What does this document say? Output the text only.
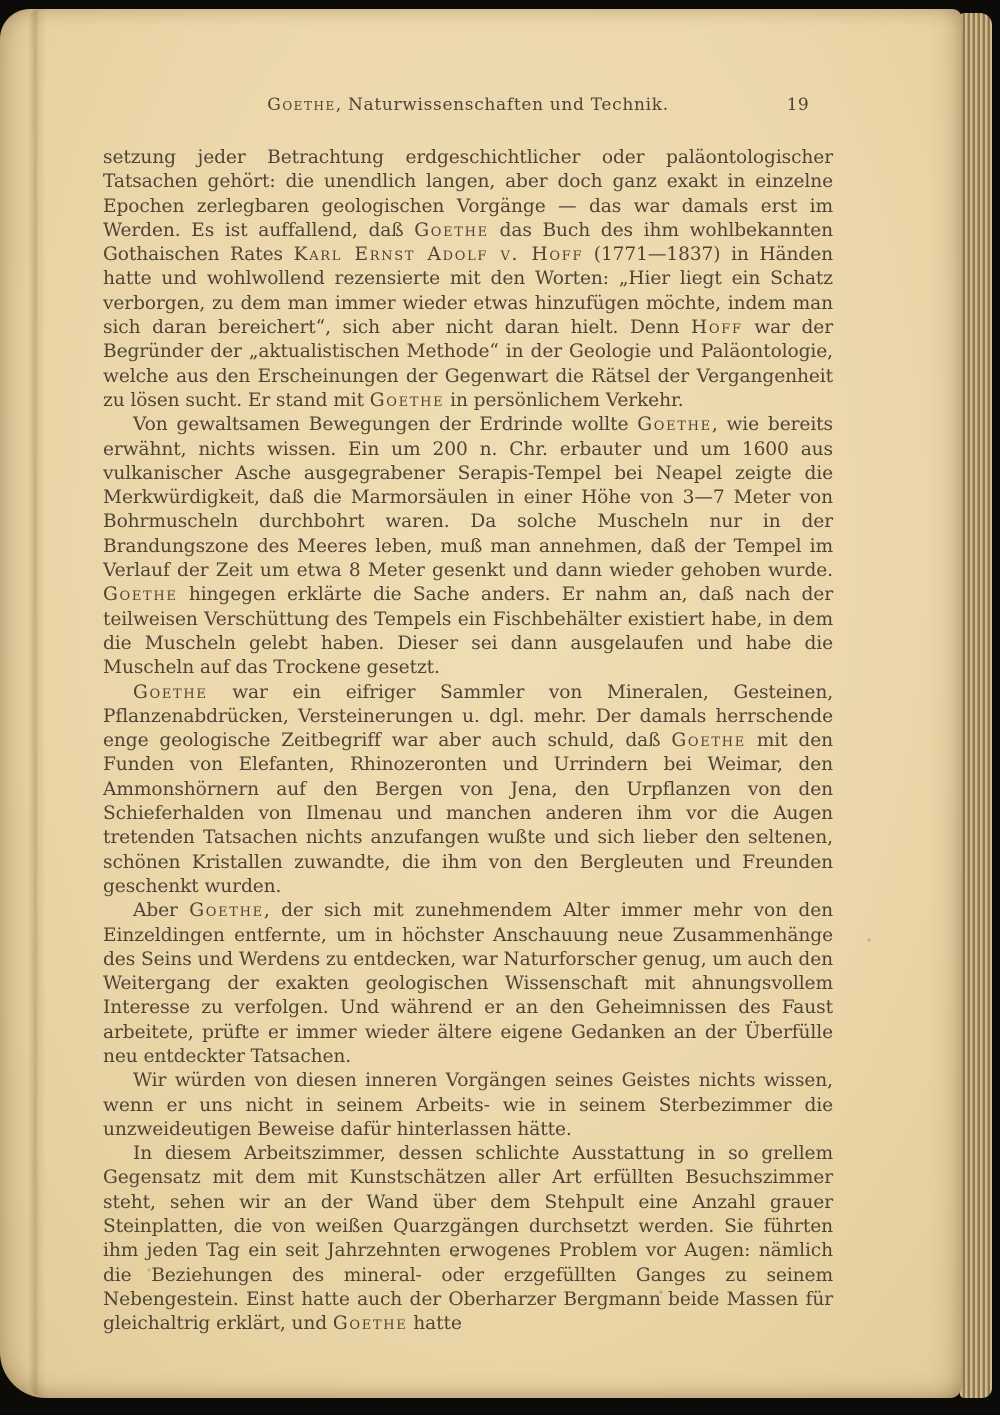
Goethe, Naturwissenschaften und Technik.	19

setzung jeder Betrachtung erdgeschichtlicher oder paläontologischer Tatsachen gehört: die unendlich langen, aber doch ganz exakt in einzelne Epochen zerlegbaren geologischen Vorgänge — das war damals erst im Werden. Es ist auffallend, daß Goethe das Buch des ihm wohlbekannten Gothaischen Rates Karl Ernst Adolf v. Hoff (1771—1837) in Händen hatte und wohlwollend rezensierte mit den Worten: „Hier liegt ein Schatz verborgen, zu dem man immer wieder etwas hinzufügen möchte, indem man sich daran bereichert“, sich aber nicht daran hielt. Denn Hoff war der Begründer der „aktualistischen Methode“ in der Geologie und Paläontologie, welche aus den Erscheinungen der Gegenwart die Rätsel der Vergangenheit zu lösen sucht. Er stand mit Goethe in persönlichem Verkehr.

Von gewaltsamen Bewegungen der Erdrinde wollte Goethe, wie bereits erwähnt, nichts wissen. Ein um 200 n. Chr. erbauter und um 1600 aus vulkanischer Asche ausgegrabener Serapis-Tempel bei Neapel zeigte die Merkwürdigkeit, daß die Marmorsäulen in einer Höhe von 3—7 Meter von Bohrmuscheln durchbohrt waren. Da solche Muscheln nur in der Brandungszone des Meeres leben, muß man annehmen, daß der Tempel im Verlauf der Zeit um etwa 8 Meter gesenkt und dann wieder gehoben wurde. Goethe hingegen erklärte die Sache anders. Er nahm an, daß nach der teilweisen Verschüttung des Tempels ein Fischbehälter existiert habe, in dem die Muscheln gelebt haben. Dieser sei dann ausgelaufen und habe die Muscheln auf das Trockene gesetzt.

Goethe war ein eifriger Sammler von Mineralen, Gesteinen, Pflanzenabdrücken, Versteinerungen u. dgl. mehr. Der damals herrschende enge geologische Zeitbegriff war aber auch schuld, daß Goethe mit den Funden von Elefanten, Rhinozeronten und Urrindern bei Weimar, den Ammonshörnern auf den Bergen von Jena, den Urpflanzen von den Schieferhalden von Ilmenau und manchen anderen ihm vor die Augen tretenden Tatsachen nichts anzufangen wußte und sich lieber den seltenen, schönen Kristallen zuwandte, die ihm von den Bergleuten und Freunden geschenkt wurden.

Aber Goethe, der sich mit zunehmendem Alter immer mehr von den Einzeldingen entfernte, um in höchster Anschauung neue Zusammenhänge des Seins und Werdens zu entdecken, war Naturforscher genug, um auch den Weitergang der exakten geologischen Wissenschaft mit ahnungsvollem Interesse zu verfolgen. Und während er an den Geheimnissen des Faust arbeitete, prüfte er immer wieder ältere eigene Gedanken an der Überfülle neu entdeckter Tatsachen.

Wir würden von diesen inneren Vorgängen seines Geistes nichts wissen, wenn er uns nicht in seinem Arbeits- wie in seinem Sterbezimmer die unzweideutigen Beweise dafür hinterlassen hätte.

In diesem Arbeitszimmer, dessen schlichte Ausstattung in so grellem Gegensatz mit dem mit Kunstschätzen aller Art erfüllten Besuchszimmer steht, sehen wir an der Wand über dem Stehpult eine Anzahl grauer Steinplatten, die von weißen Quarzgängen durchsetzt werden. Sie führten ihm jeden Tag ein seit Jahrzehnten erwogenes Problem vor Augen: nämlich die Beziehungen des mineral- oder erzgefüllten Ganges zu seinem Nebengestein. Einst hatte auch der Oberharzer Bergmann beide Massen für gleichaltrig erklärt, und Goethe hatte
